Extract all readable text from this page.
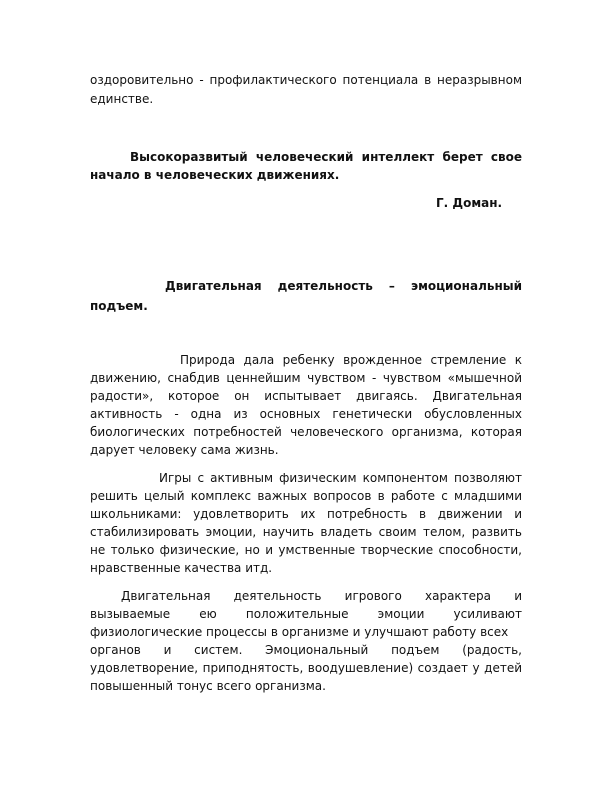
оздоровительно - профилактического потенциала в неразрывном
единстве.
Высокоразвитый человеческий интеллект берет свое
начало в человеческих движениях.
Г. Доман.
Двигательная деятельность – эмоциональный
подъем.
Природа дала ребенку врожденное стремление к
движению, снабдив ценнейшим чувством - чувством «мышечной
радости», которое он испытывает двигаясь. Двигательная
активность - одна из основных генетически обусловленных
биологических потребностей человеческого организма, которая
дарует человеку сама жизнь.
Игры с активным физическим компонентом позволяют
решить целый комплекс важных вопросов в работе с младшими
школьниками: удовлетворить их потребность в движении и
стабилизировать эмоции, научить владеть своим телом, развить
не только физические, но и умственные творческие способности,
нравственные качества итд.
Двигательная деятельность игрового характера и
вызываемые ею положительные эмоции усиливают
физиологические процессы в организме и улучшают работу всех
органов и систем. Эмоциональный подъем (радость,
удовлетворение, приподнятость, воодушевление) создает у детей
повышенный тонус всего организма.
